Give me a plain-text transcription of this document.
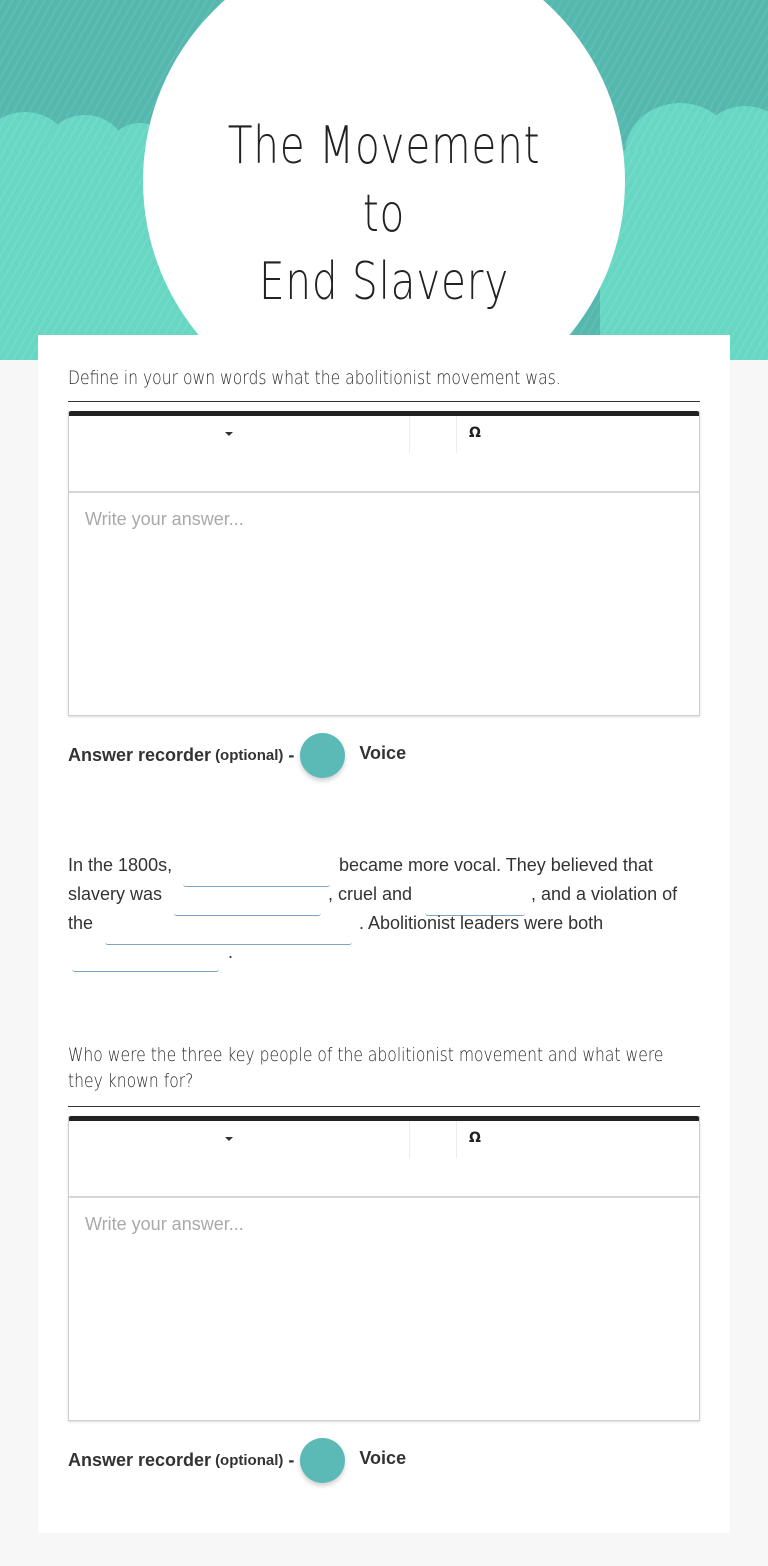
The Movement to
End Slavery
Define in your own words what the abolitionist movement was.
Ω
Write your answer...
Answer recorder (optional) -	Voice
In the 1800s,	became more vocal. They believed that
slavery was	, cruel and	, and a violation of
the	. Abolitionist leaders were both
.
Who were the three key people of the abolitionist movement and what were they known for?
Ω
Write your answer...
Answer recorder (optional) -	Voice
